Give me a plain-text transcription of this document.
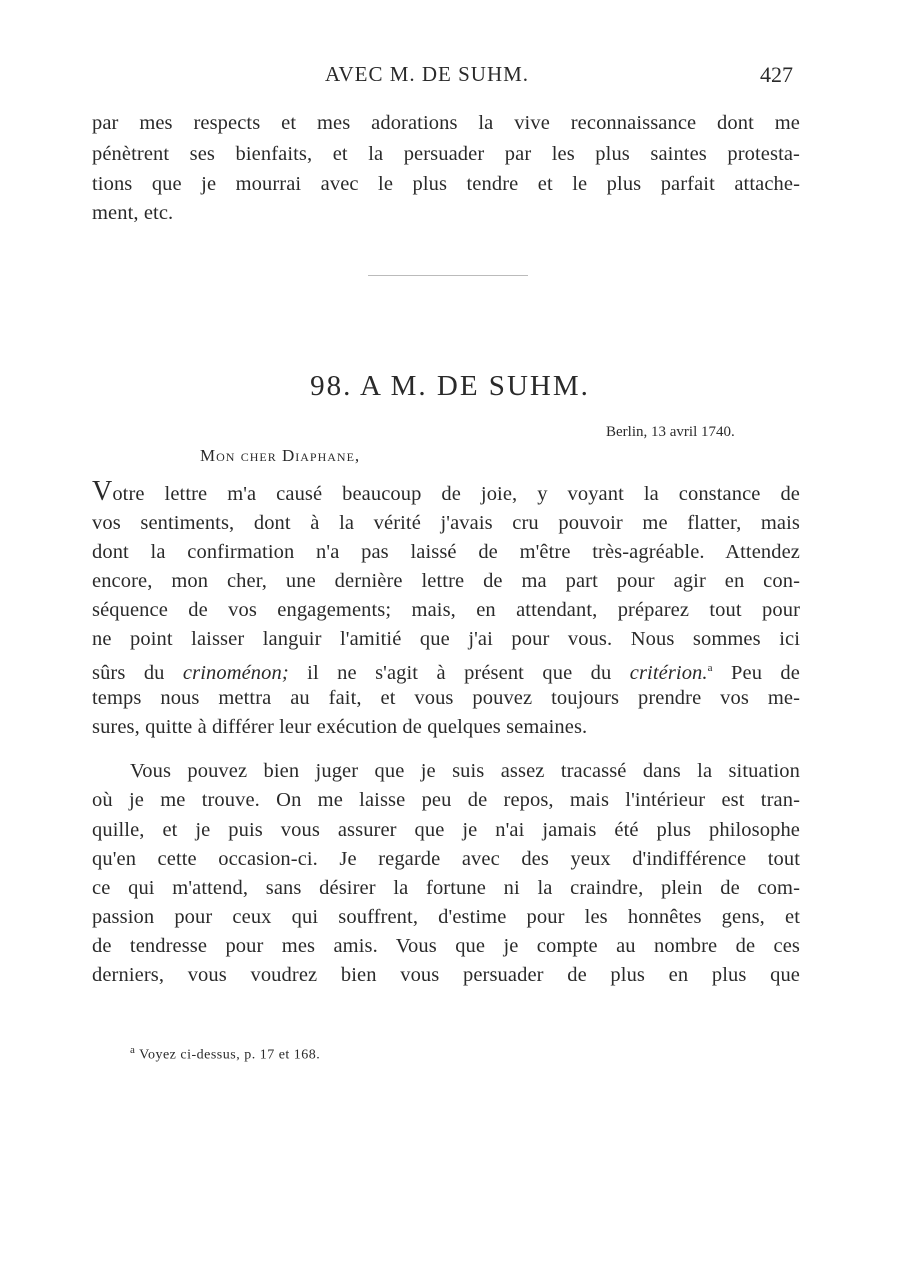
AVEC M. DE SUHM.	427
par mes respects et mes adorations la vive reconnaissance dont me
pénètrent ses bienfaits, et la persuader par les plus saintes protesta-
tions que je mourrai avec le plus tendre et le plus parfait attache-
ment, etc.
98. A M. DE SUHM.
Berlin, 13 avril 1740.
Mon cher Diaphane,
Votre lettre m'a causé beaucoup de joie, y voyant la constance de
vos sentiments, dont à la vérité j'avais cru pouvoir me flatter, mais
dont la confirmation n'a pas laissé de m'être très-agréable. Attendez
encore, mon cher, une dernière lettre de ma part pour agir en con-
séquence de vos engagements; mais, en attendant, préparez tout pour
ne point laisser languir l'amitié que j'ai pour vous. Nous sommes ici
sûrs du crinoménon; il ne s'agit à présent que du critérion.$^a$ Peu de
temps nous mettra au fait, et vous pouvez toujours prendre vos me-
sures, quitte à différer leur exécution de quelques semaines.
Vous pouvez bien juger que je suis assez tracassé dans la situation
où je me trouve. On me laisse peu de repos, mais l'intérieur est tran-
quille, et je puis vous assurer que je n'ai jamais été plus philosophe
qu'en cette occasion-ci. Je regarde avec des yeux d'indifférence tout
ce qui m'attend, sans désirer la fortune ni la craindre, plein de com-
passion pour ceux qui souffrent, d'estime pour les honnêtes gens, et
de tendresse pour mes amis. Vous que je compte au nombre de ces
derniers, vous voudrez bien vous persuader de plus en plus que
$^a$ Voyez ci-dessus, p. 17 et 168.
